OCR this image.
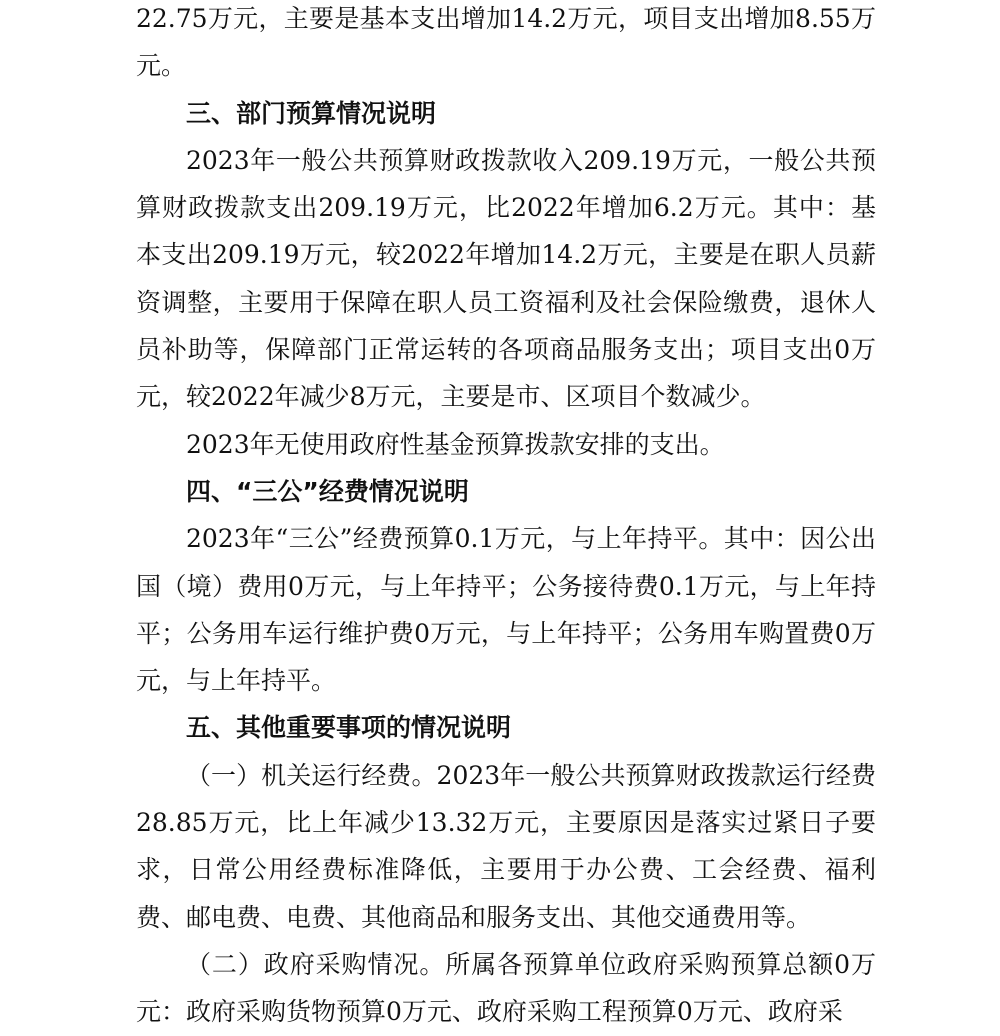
22.75万元，主要是基本支出增加14.2万元，项目支出增加8.55万元。

三、部门预算情况说明

2023年一般公共预算财政拨款收入209.19万元，一般公共预算财政拨款支出209.19万元，比2022年增加6.2万元。其中：基本支出209.19万元，较2022年增加14.2万元，主要是在职人员薪资调整，主要用于保障在职人员工资福利及社会保险缴费，退休人员补助等，保障部门正常运转的各项商品服务支出；项目支出0万元，较2022年减少8万元，主要是市、区项目个数减少。

2023年无使用政府性基金预算拨款安排的支出。

四、“三公”经费情况说明

2023年“三公”经费预算0.1万元，与上年持平。其中：因公出国（境）费用0万元，与上年持平；公务接待费0.1万元，与上年持平；公务用车运行维护费0万元，与上年持平；公务用车购置费0万元，与上年持平。

五、其他重要事项的情况说明

（一）机关运行经费。2023年一般公共预算财政拨款运行经费28.85万元，比上年减少13.32万元，主要原因是落实过紧日子要求，日常公用经费标准降低，主要用于办公费、工会经费、福利费、邮电费、电费、其他商品和服务支出、其他交通费用等。

（二）政府采购情况。所属各预算单位政府采购预算总额0万元：政府采购货物预算0万元、政府采购工程预算0万元、政府采
